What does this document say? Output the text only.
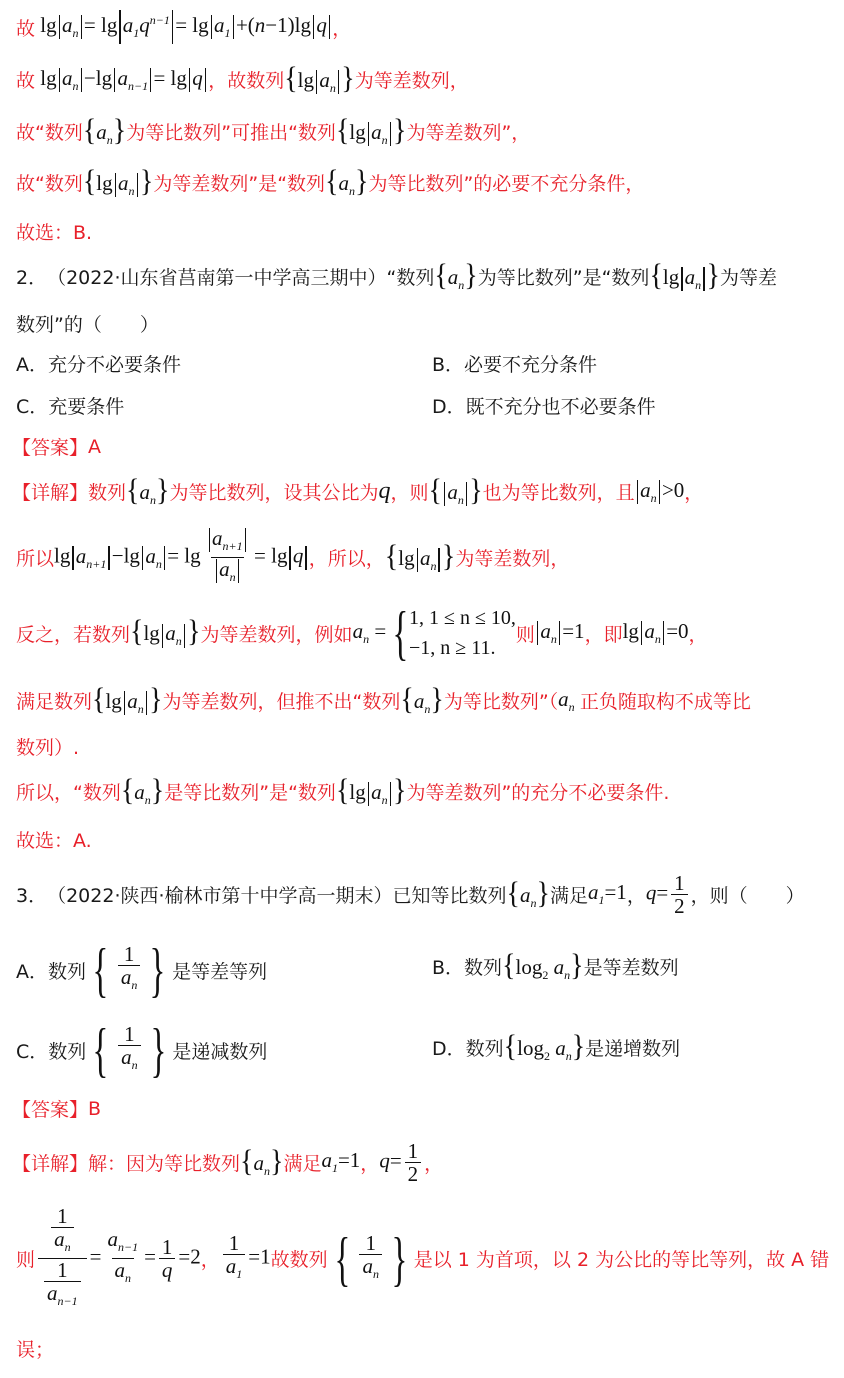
故 $\lg a_n = \lg a_1q^{n-1} = \lg a_1 +(n-1)\lg$ q ，
故 $\lg a_n -\lg$ $a_{n-1} = \lg q$ ，故数列 {lg $a_n$ } 为等差数列，
故“数列 $\{a_n\}$ 为等比数列”可推出“数列 {lg $a_n$ } 为等差数列”，
故“数列 {lg $a_n$ } 为等差数列”是“数列 $\{a_n\}$ 为等比数列”的必要不充分条件，
故选：B.
2． （2022·山东省莒南第一中学高三期中） “数列 $\{a_n\}$ 为等比数列”是“数列 {lg $a_n$ } 为等差
数列”的（　　）
A． 充分不必要条件	B． 必要不充分条件
C． 充要条件	D． 既不充分也不必要条件
【答案】 A
【详解】 数列 $\{a_n\}$ 为等比数列，设其公比为 q ，则 { $a_n$ } 也为等比数列，且 $a_n >0$ ，
所以 $\lg a_{n+1} -\lg$ $a_n = \lg \frac{a_{n+1}}{a_n} = \lg q$ ，所以， {lg $a_n$ } 为等差数列，
反之，若数列 {lg $a_n$ } 为等差数列，例如 $a_n$ = { 1, 1 ≤ n ≤ 10,
−1, n ≥ 11.
则 $a_n =1$ ，即 $\lg a_n =0$ ，
满足数列 {lg $a_n$ } 为等差数列，但推不出“数列 $\{a_n\}$ 为等比数列”（ $a_n$ 正负随取构不成等比
数列）.
所以，“数列 $\{a_n\}$ 是等比数列”是“数列 {lg $a_n$ } 为等差数列”的充分不必要条件.
故选：A.
3． （2022·陕西·榆林市第十中学高一期末） 已知等比数列 $\{a_n\}$ 满足 $a_1=1$ ， $q= \frac{1}{2}$ ，则（　　）
A． 数列 { $\frac{1}{a_n}$ } 是等差等列	B． 数列 {$\log_2$ $a_n$} 是等差数列
C． 数列 { $\frac{1}{a_n}$ } 是递减数列	D． 数列 {$\log_2$ $a_n$} 是递增数列
【答案】 B
【详解】 解：因为等比数列 $\{a_n\}$ 满足 $a_1=1$ ， $q= \frac{1}{2}$ ，
则 $\frac{\frac{1}{a_n}}{\frac{1}{a_{n-1}}} = \frac{a_{n-1}}{a_n} = \frac{1}{q} =2$ ， $\frac{1}{a_1} =1$ 故数列 { $\frac{1}{a_n}$ } 是以 1 为首项，以 2 为公比的等比等列，故 A 错
误；
